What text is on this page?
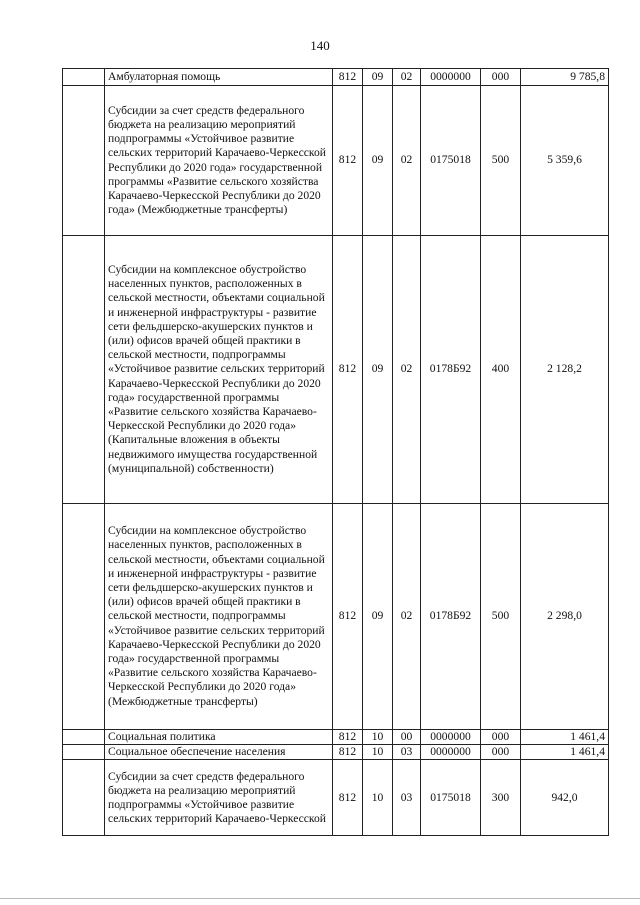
140
	Амбулаторная помощь	812	09	02	0000000	000	9 785,8
	Субсидии за счет средств федерального бюджета на реализацию мероприятий подпрограммы «Устойчивое развитие сельских территорий Карачаево-Черкесской Республики до 2020 года» государственной программы «Развитие сельского хозяйства Карачаево-Черкесской Республики до 2020 года» (Межбюджетные трансферты)	812	09	02	0175018	500	5 359,6
	Субсидии на комплексное обустройство населенных пунктов, расположенных в сельской местности, объектами социальной и инженерной инфраструктуры - развитие сети фельдшерско-акушерских пунктов и (или) офисов врачей общей практики в сельской местности, подпрограммы «Устойчивое развитие сельских территорий Карачаево-Черкесской Республики до 2020 года» государственной программы «Развитие сельского хозяйства Карачаево-Черкесской Республики до 2020 года» (Капитальные вложения в объекты недвижимого имущества государственной (муниципальной) собственности)	812	09	02	0178Б92	400	2 128,2
	Субсидии на комплексное обустройство населенных пунктов, расположенных в сельской местности, объектами социальной и инженерной инфраструктуры - развитие сети фельдшерско-акушерских пунктов и (или) офисов врачей общей практики в сельской местности, подпрограммы «Устойчивое развитие сельских территорий Карачаево-Черкесской Республики до 2020 года» государственной программы «Развитие сельского хозяйства Карачаево-Черкесской Республики до 2020 года» (Межбюджетные трансферты)	812	09	02	0178Б92	500	2 298,0
	Социальная политика	812	10	00	0000000	000	1 461,4
	Социальное обеспечение населения	812	10	03	0000000	000	1 461,4
	Субсидии за счет средств федерального бюджета на реализацию мероприятий подпрограммы «Устойчивое развитие сельских территорий Карачаево-Черкесской	812	10	03	0175018	300	942,0
